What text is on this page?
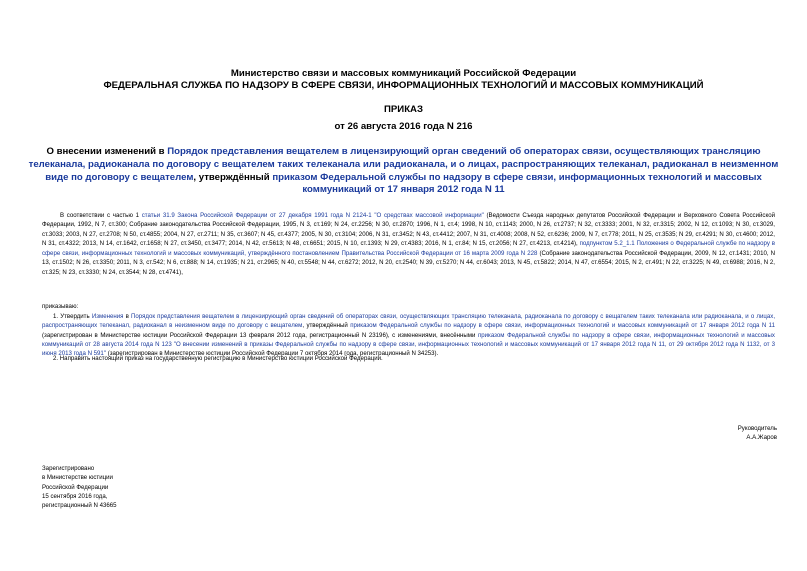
Министерство связи и массовых коммуникаций Российской Федерации
ФЕДЕРАЛЬНАЯ СЛУЖБА ПО НАДЗОРУ В СФЕРЕ СВЯЗИ, ИНФОРМАЦИОННЫХ ТЕХНОЛОГИЙ И МАССОВЫХ КОММУНИКАЦИЙ
ПРИКАЗ
от 26 августа 2016 года N 216
О внесении изменений в Порядок представления вещателем в лицензирующий орган сведений об операторах связи, осуществляющих трансляцию телеканала, радиоканала по договору с вещателем таких телеканала или радиоканала, и о лицах, распространяющих телеканал, радиоканал в неизменном виде по договору с вещателем, утверждённый приказом Федеральной службы по надзору в сфере связи, информационных технологий и массовых коммуникаций от 17 января 2012 года N 11
В соответствии с частью 1 статьи 31.9 Закона Российской Федерации от 27 декабря 1991 года N 2124-1 "О средствах массовой информации" (Ведомости Съезда народных депутатов Российской Федерации и Верховного Совета Российской Федерации, 1992, N 7, ст.300; Собрание законодательства Российской Федерации, 1995, N 3, ст.169; N 24, ст.2256; N 30, ст.2870; 1996, N 1, ст.4; 1998, N 10, ст.1143; 2000, N 26, ст.2737; N 32, ст.3333; 2001, N 32, ст.3315; 2002, N 12, ст.1093; N 30, ст.3029, ст.3033; 2003, N 27, ст.2708; N 50, ст.4855; 2004, N 27, ст.2711; N 35, ст.3607; N 45, ст.4377; 2005, N 30, ст.3104; 2006, N 31, ст.3452; N 43, ст.4412; 2007, N 31, ст.4008; 2008, N 52, ст.6236; 2009, N 7, ст.778; 2011, N 25, ст.3535; N 29, ст.4291; N 30, ст.4600; 2012, N 31, ст.4322; 2013, N 14, ст.1642, ст.1658; N 27, ст.3450, ст.3477; 2014, N 42, ст.5613; N 48, ст.6651; 2015, N 10, ст.1393; N 29, ст.4383; 2016, N 1, ст.84; N 15, ст.2056; N 27, ст.4213, ст.4214), подпунктом 5.2_1.1 Положения о Федеральной службе по надзору в сфере связи, информационных технологий и массовых коммуникаций, утверждённого постановлением Правительства Российской Федерации от 16 марта 2009 года N 228 (Собрание законодательства Российской Федерации, 2009, N 12, ст.1431; 2010, N 13, ст.1502; N 26, ст.3350; 2011, N 3, ст.542; N 6, ст.888; N 14, ст.1935; N 21, ст.2965; N 40, ст.5548; N 44, ст.6272; 2012, N 20, ст.2540; N 39, ст.5270; N 44, ст.6043; 2013, N 45, ст.5822; 2014, N 47, ст.6554; 2015, N 2, ст.491; N 22, ст.3225; N 49, ст.6988; 2016, N 2, ст.325; N 23, ст.3330; N 24, ст.3544; N 28, ст.4741),
приказываю:
1. Утвердить Изменения в Порядок представления вещателем в лицензирующий орган сведений об операторах связи, осуществляющих трансляцию телеканала, радиоканала по договору с вещателем таких телеканала или радиоканала, и о лицах, распространяющих телеканал, радиоканал в неизменном виде по договору с вещателем, утверждённый приказом Федеральной службы по надзору в сфере связи, информационных технологий и массовых коммуникаций от 17 января 2012 года N 11 (зарегистрирован в Министерстве юстиции Российской Федерации 13 февраля 2012 года, регистрационный N 23196), с изменениями, внесёнными приказом Федеральной службы по надзору в сфере связи, информационных технологий и массовых коммуникаций от 28 августа 2014 года N 123 "О внесении изменений в приказы Федеральной службы по надзору в сфере связи, информационных технологий и массовых коммуникаций от 17 января 2012 года N 11, от 29 октября 2012 года N 1132, от 3 июня 2013 года N 591" (зарегистрирован в Министерстве юстиции Российской Федерации 7 октября 2014 года, регистрационный N 34253).
2. Направить настоящий приказ на государственную регистрацию в Министерство юстиции Российской Федерации.
Руководитель
А.А.Жаров
Зарегистрировано
в Министерстве юстиции
Российской Федерации
15 сентября 2016 года,
регистрационный N 43665
